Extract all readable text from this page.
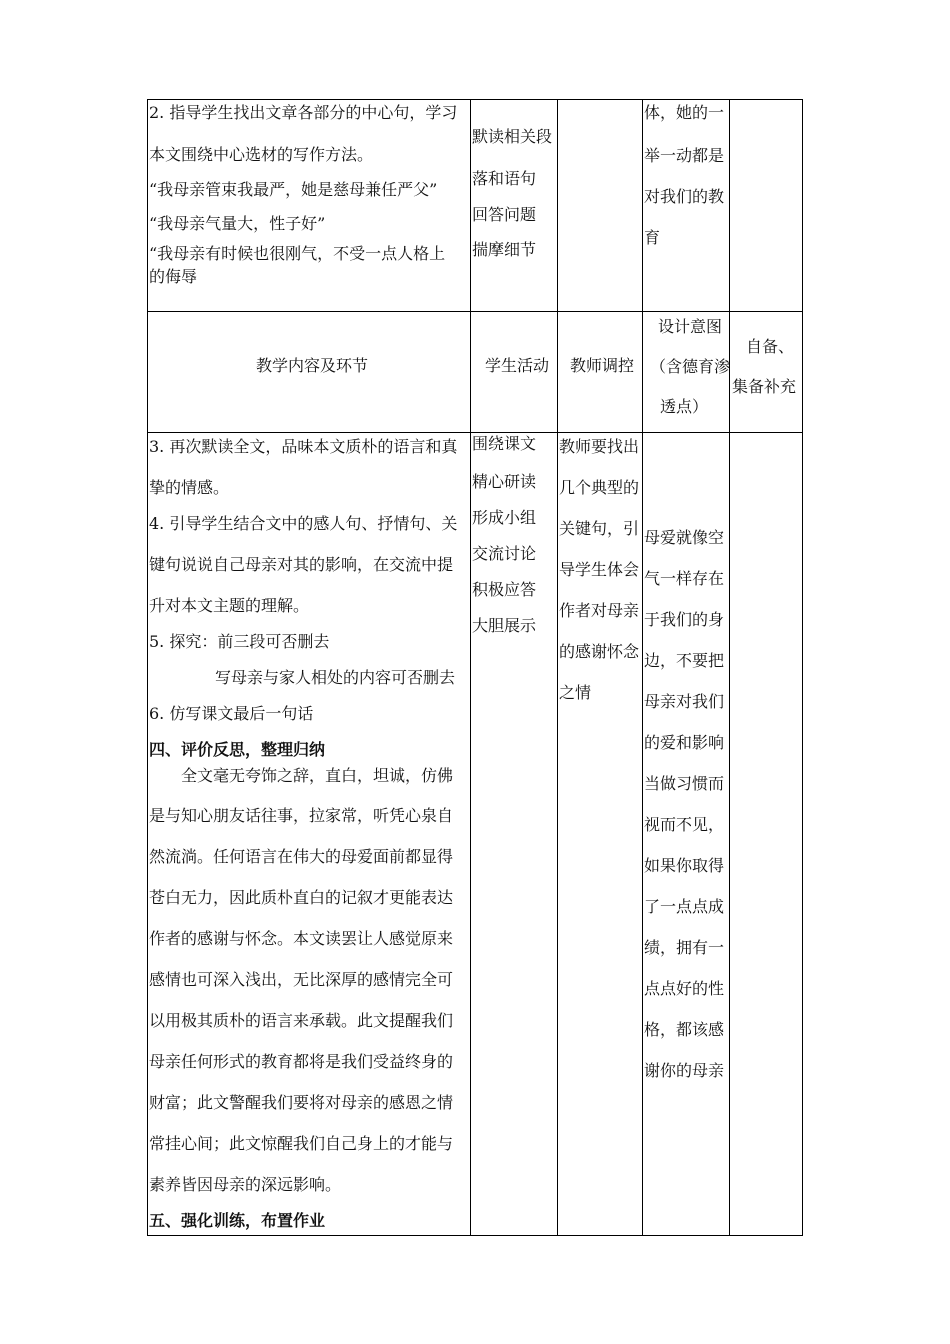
2. 指导学生找出文章各部分的中心句，学习
本文围绕中心选材的写作方法。
“我母亲管束我最严，她是慈母兼任严父”
“我母亲气量大，性子好”
“我母亲有时候也很刚气，不受一点人格上
的侮辱
默读相关段
落和语句
回答问题
揣摩细节
体，她的一
举一动都是
对我们的教
育
教学内容及环节	学生活动 教师调控
设计意图
（含德育渗
透点）
自备、
集备补充
3. 再次默读全文，品味本文质朴的语言和真
挚的情感。
4. 引导学生结合文中的感人句、抒情句、关
键句说说自己母亲对其的影响，在交流中提
升对本文主题的理解。
5. 探究：前三段可否删去
写母亲与家人相处的内容可否删去
6. 仿写课文最后一句话
四、评价反思，整理归纳
全文毫无夸饰之辞，直白，坦诚，仿佛
是与知心朋友话往事，拉家常，听凭心泉自
然流淌。任何语言在伟大的母爱面前都显得
苍白无力，因此质朴直白的记叙才更能表达
作者的感谢与怀念。本文读罢让人感觉原来
感情也可深入浅出，无比深厚的感情完全可
以用极其质朴的语言来承载。此文提醒我们
母亲任何形式的教育都将是我们受益终身的
财富；此文警醒我们要将对母亲的感恩之情
常挂心间；此文惊醒我们自己身上的才能与
素养皆因母亲的深远影响。
五、强化训练，布置作业
围绕课文
精心研读
形成小组
交流讨论
积极应答
大胆展示
教师要找出
几个典型的
关键句，引
导学生体会
作者对母亲
的感谢怀念
之情
母爱就像空
气一样存在
于我们的身
边，不要把
母亲对我们
的爱和影响
当做习惯而
视而不见，
如果你取得
了一点点成
绩，拥有一
点点好的性
格，都该感
谢你的母亲
